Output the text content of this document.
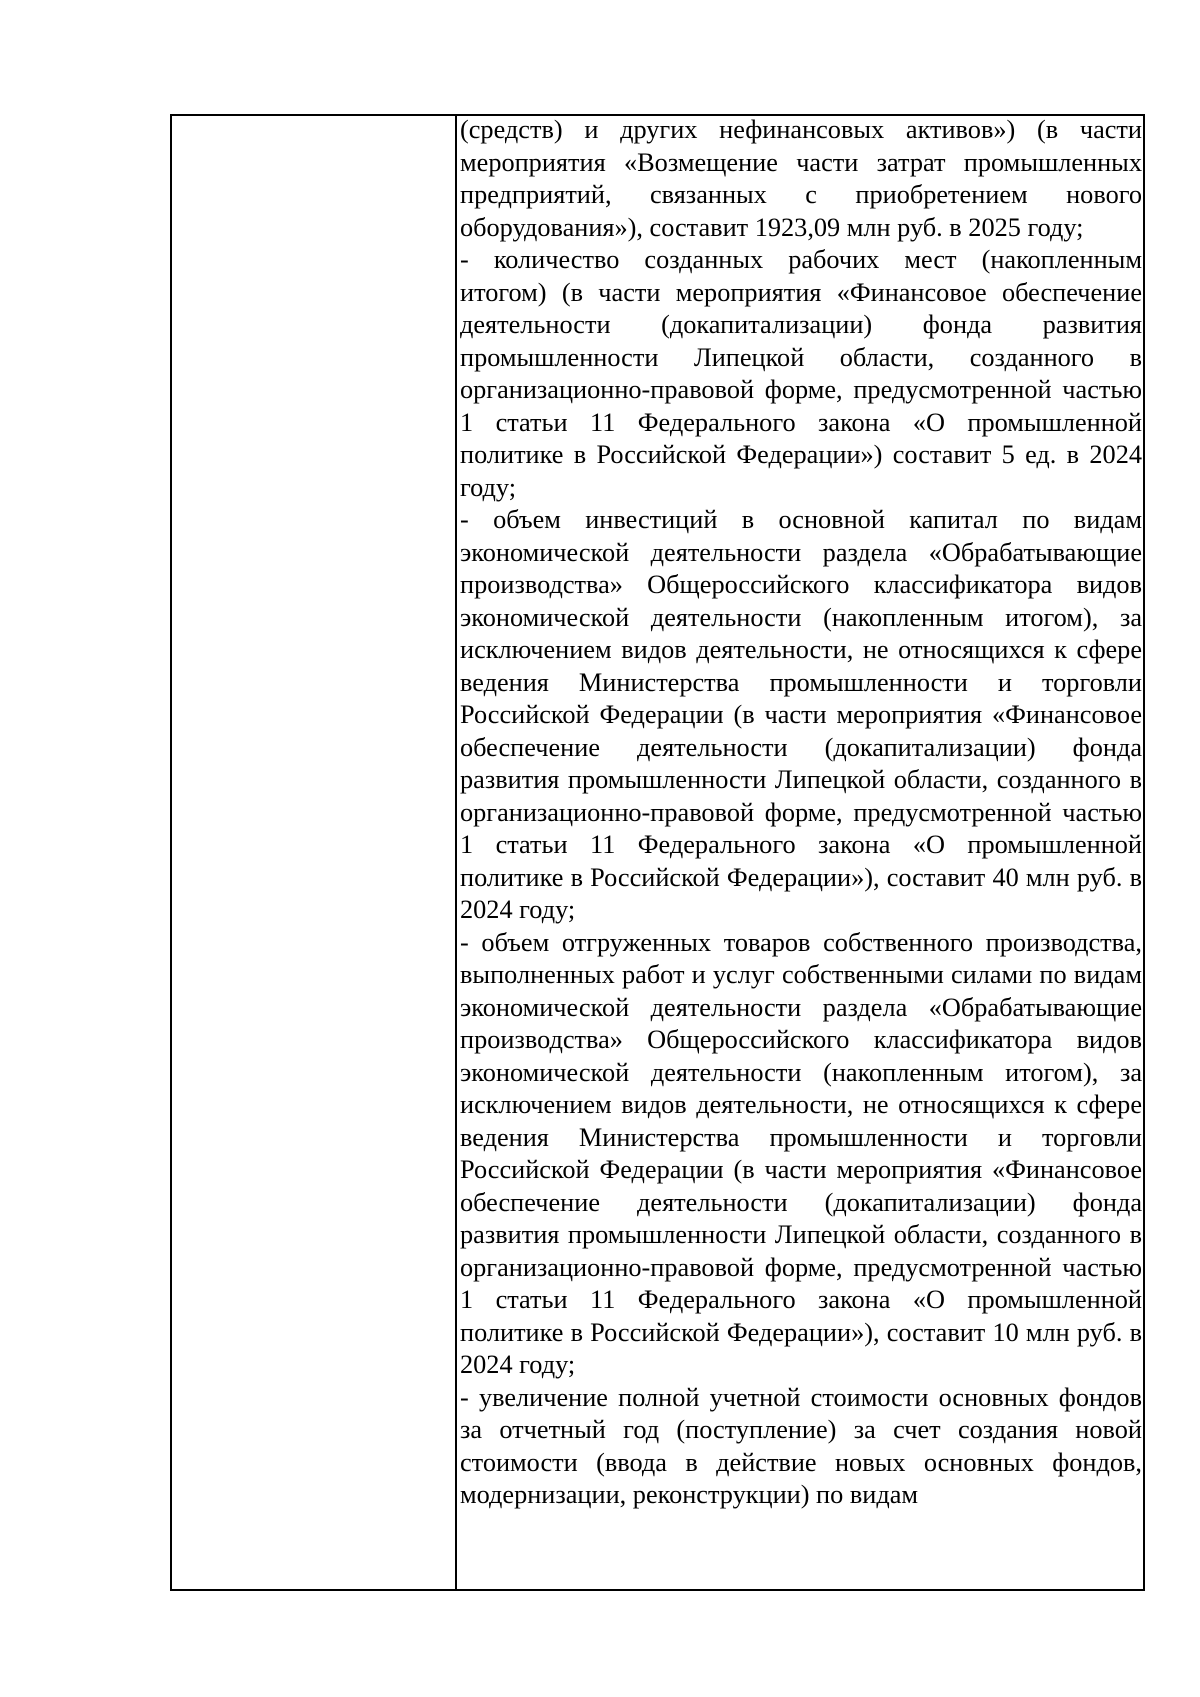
(средств) и других нефинансовых активов») (в части мероприятия «Возмещение части затрат промышленных предприятий, связанных с приобретением нового оборудования»), составит 1923,09 млн руб. в 2025 году;

- количество созданных рабочих мест (накопленным итогом) (в части мероприятия «Финансовое обеспечение деятельности (докапитализации) фонда развития промышленности Липецкой области, созданного в организационно-правовой форме, предусмотренной частью 1 статьи 11 Федерального закона «О промышленной политике в Российской Федерации») составит 5 ед. в 2024 году;

- объем инвестиций в основной капитал по видам экономической деятельности раздела «Обрабатывающие производства» Общероссийского классификатора видов экономической деятельности (накопленным итогом), за исключением видов деятельности, не относящихся к сфере ведения Министерства промышленности и торговли Российской Федерации (в части мероприятия «Финансовое обеспечение деятельности (докапитализации) фонда развития промышленности Липецкой области, созданного в организационно-правовой форме, предусмотренной частью 1 статьи 11 Федерального закона «О промышленной политике в Российской Федерации»), составит 40 млн руб. в 2024 году;

- объем отгруженных товаров собственного производства, выполненных работ и услуг собственными силами по видам экономической деятельности раздела «Обрабатывающие производства» Общероссийского классификатора видов экономической деятельности (накопленным итогом), за исключением видов деятельности, не относящихся к сфере ведения Министерства промышленности и торговли Российской Федерации (в части мероприятия «Финансовое обеспечение деятельности (докапитализации) фонда развития промышленности Липецкой области, созданного в организационно-правовой форме, предусмотренной частью 1 статьи 11 Федерального закона «О промышленной политике в Российской Федерации»), составит 10 млн руб. в 2024 году;

- увеличение полной учетной стоимости основных фондов за отчетный год (поступление) за счет создания новой стоимости (ввода в действие новых основных фондов, модернизации, реконструкции) по видам
